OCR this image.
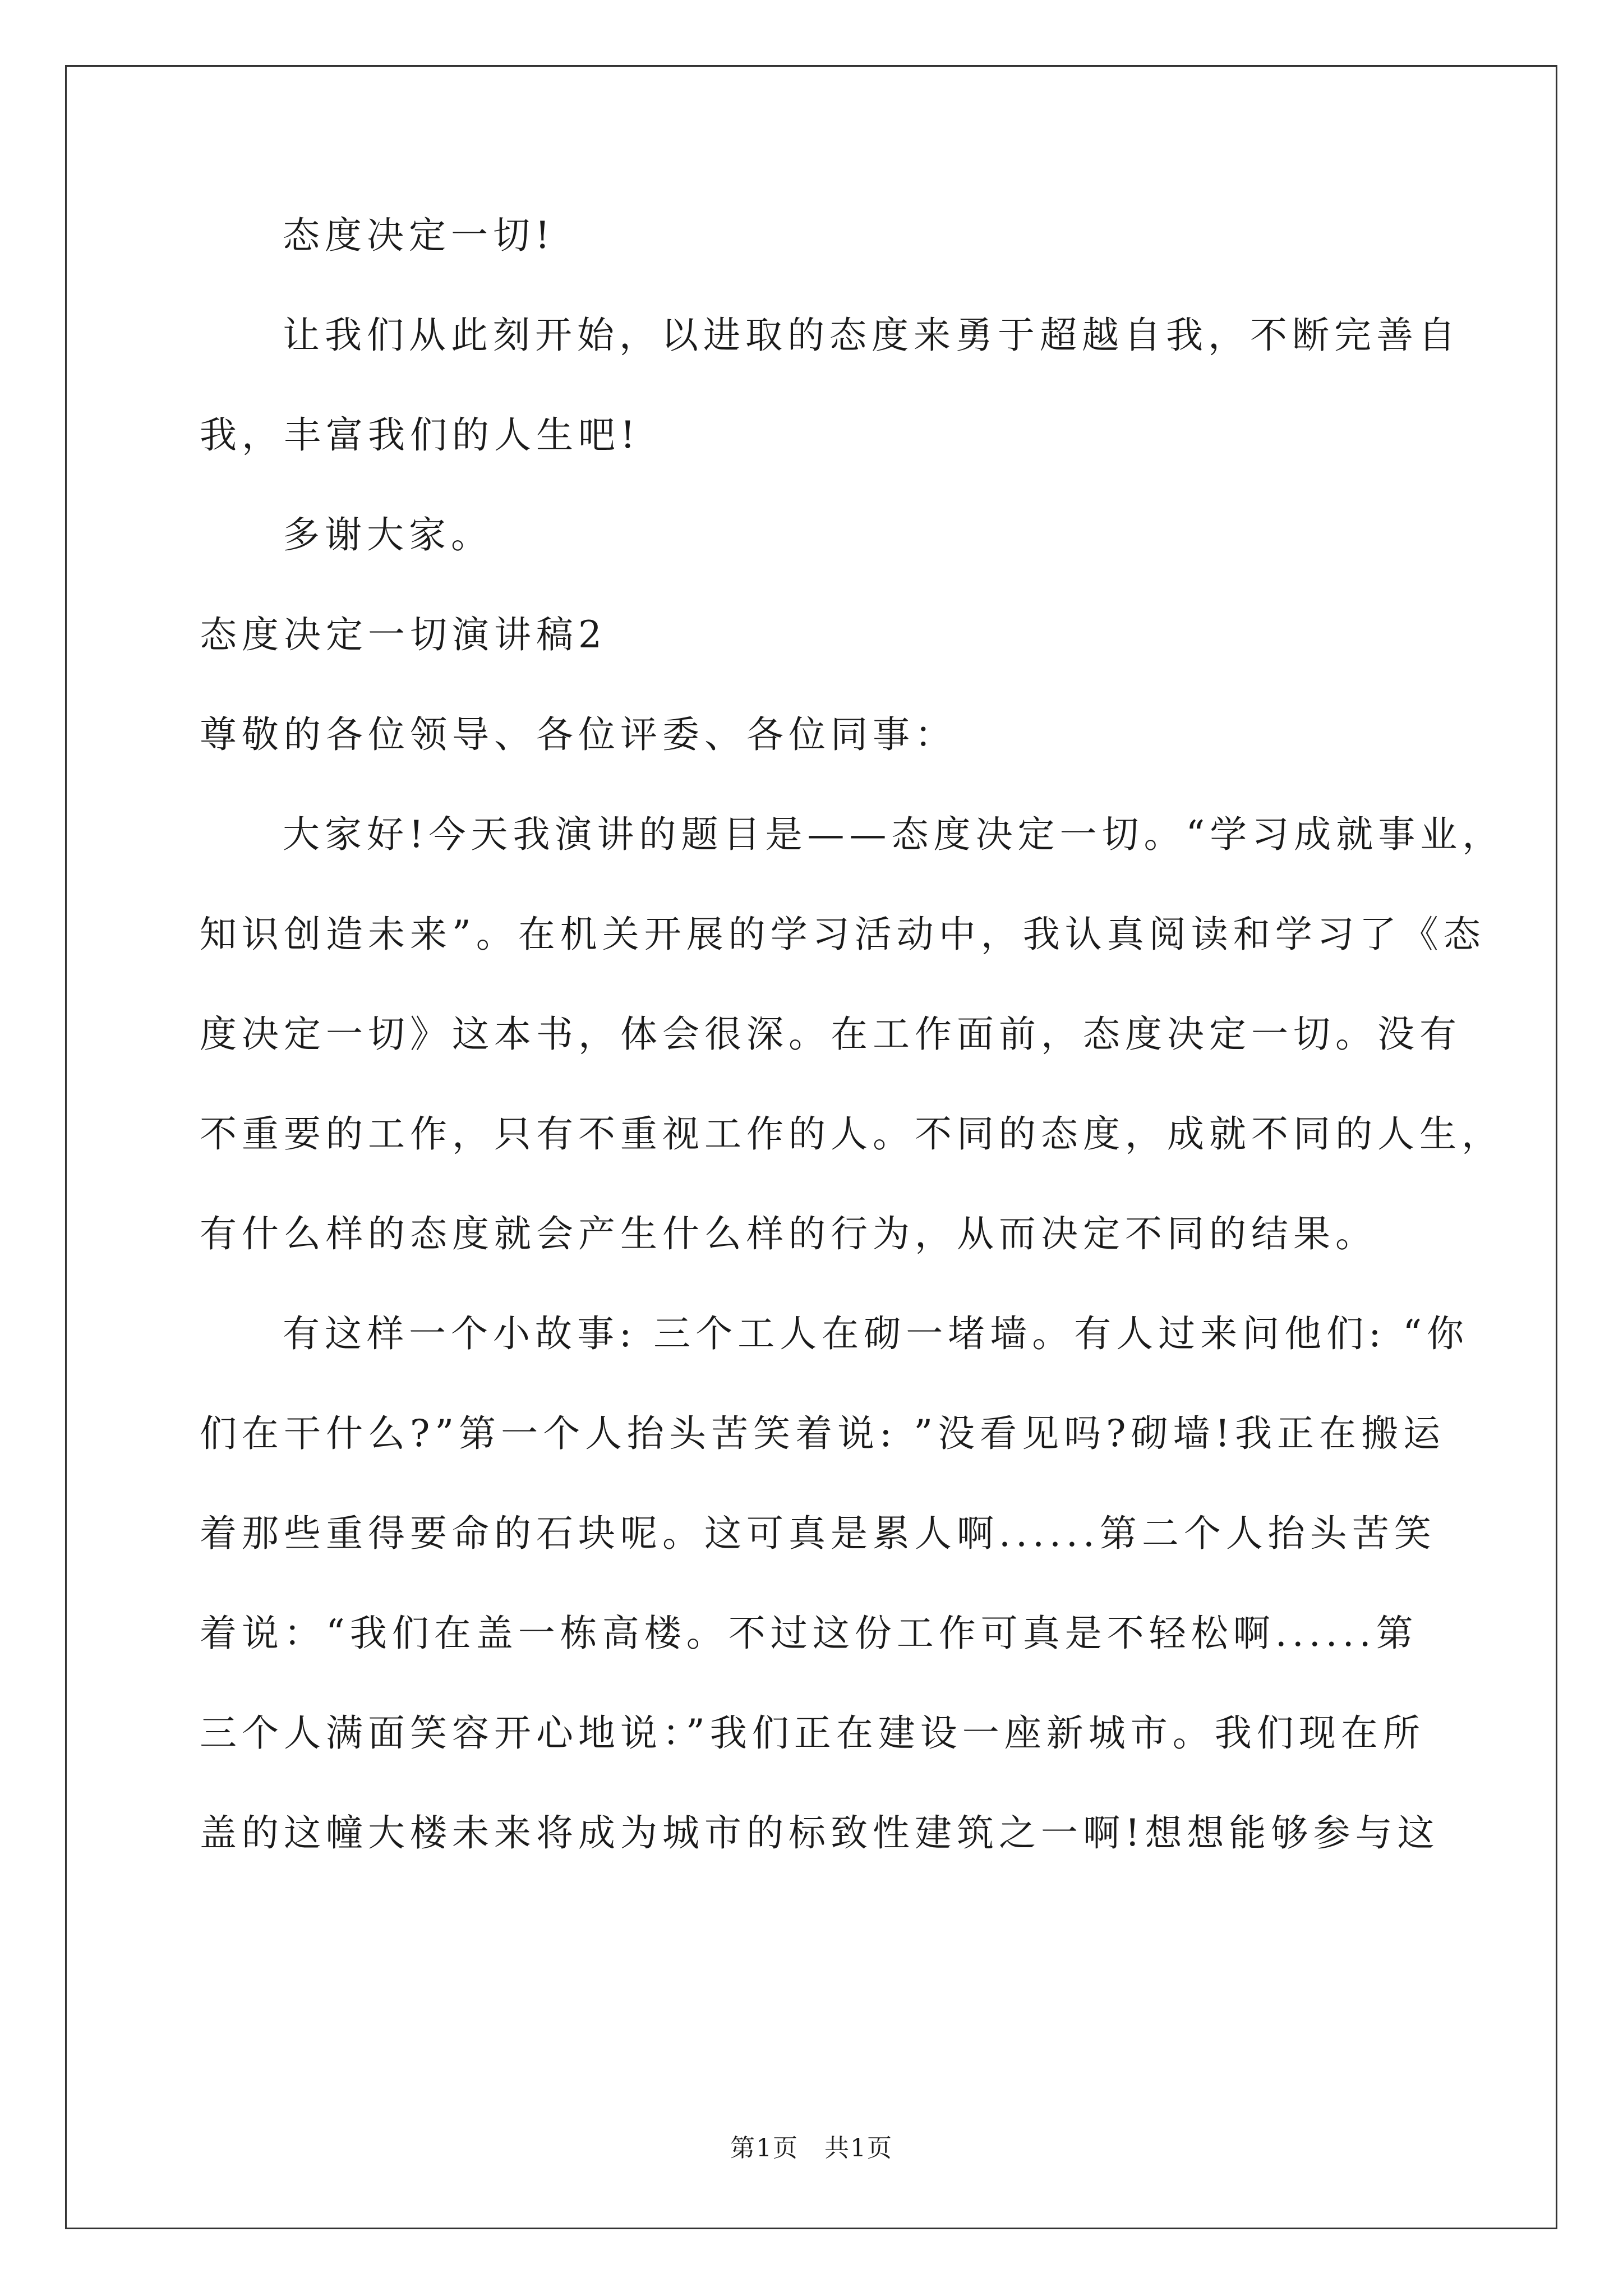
态度决定一切!
让我们从此刻开始，以进取的态度来勇于超越自我，不断完善自
我，丰富我们的人生吧!
多谢大家。
态度决定一切演讲稿2
尊敬的各位领导、各位评委、各位同事：
大家好!今天我演讲的题目是——态度决定一切。“学习成就事业，
知识创造未来”。在机关开展的学习活动中，我认真阅读和学习了《态
度决定一切》这本书，体会很深。在工作面前，态度决定一切。没有
不重要的工作，只有不重视工作的人。不同的态度，成就不同的人生，
有什么样的态度就会产生什么样的行为，从而决定不同的结果。
有这样一个小故事: 三个工人在砌一堵墙。有人过来问他们: “你
们在干什么?”第一个人抬头苦笑着说: ”没看见吗?砌墙!我正在搬运
着那些重得要命的石块呢。这可真是累人啊......第二个人抬头苦笑
着说：“我们在盖一栋高楼。不过这份工作可真是不轻松啊......第
三个人满面笑容开心地说：”我们正在建设一座新城市。我们现在所
盖的这幢大楼未来将成为城市的标致性建筑之一啊!想想能够参与这
第1页　共1页
